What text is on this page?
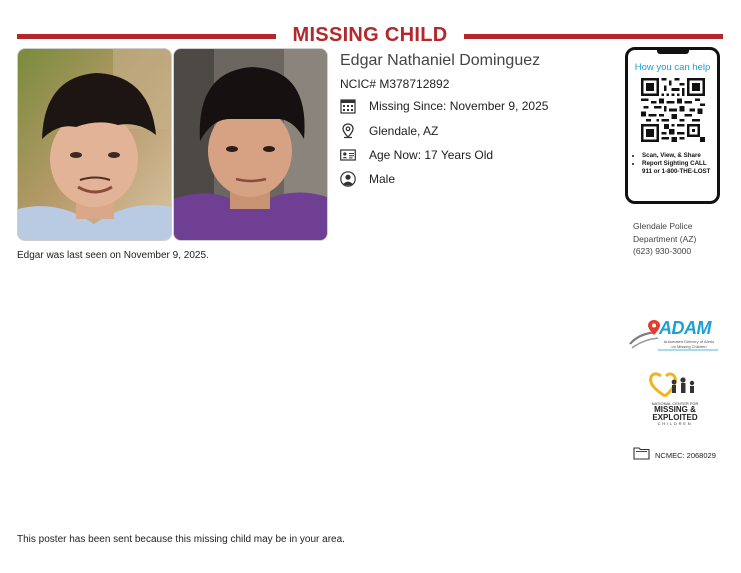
MISSING CHILD
Edgar Nathaniel Dominguez
NCIC# M378712892
Missing Since: November 9, 2025
Glendale, AZ
Age Now: 17 Years Old
Male
Edgar was last seen on November 9, 2025.
How you can help
• Scan, View, & Share
• Report Sighting CALL 911 or 1-800-THE-LOST
Glendale Police
Department (AZ)
(623) 930-3000
ADAM
Automated Delivery of Alerts
on Missing Children
NATIONAL CENTER FOR
MISSING &
EXPLOITED
CHILDREN
NCMEC: 2068029
This poster has been sent because this missing child may be in your area.
